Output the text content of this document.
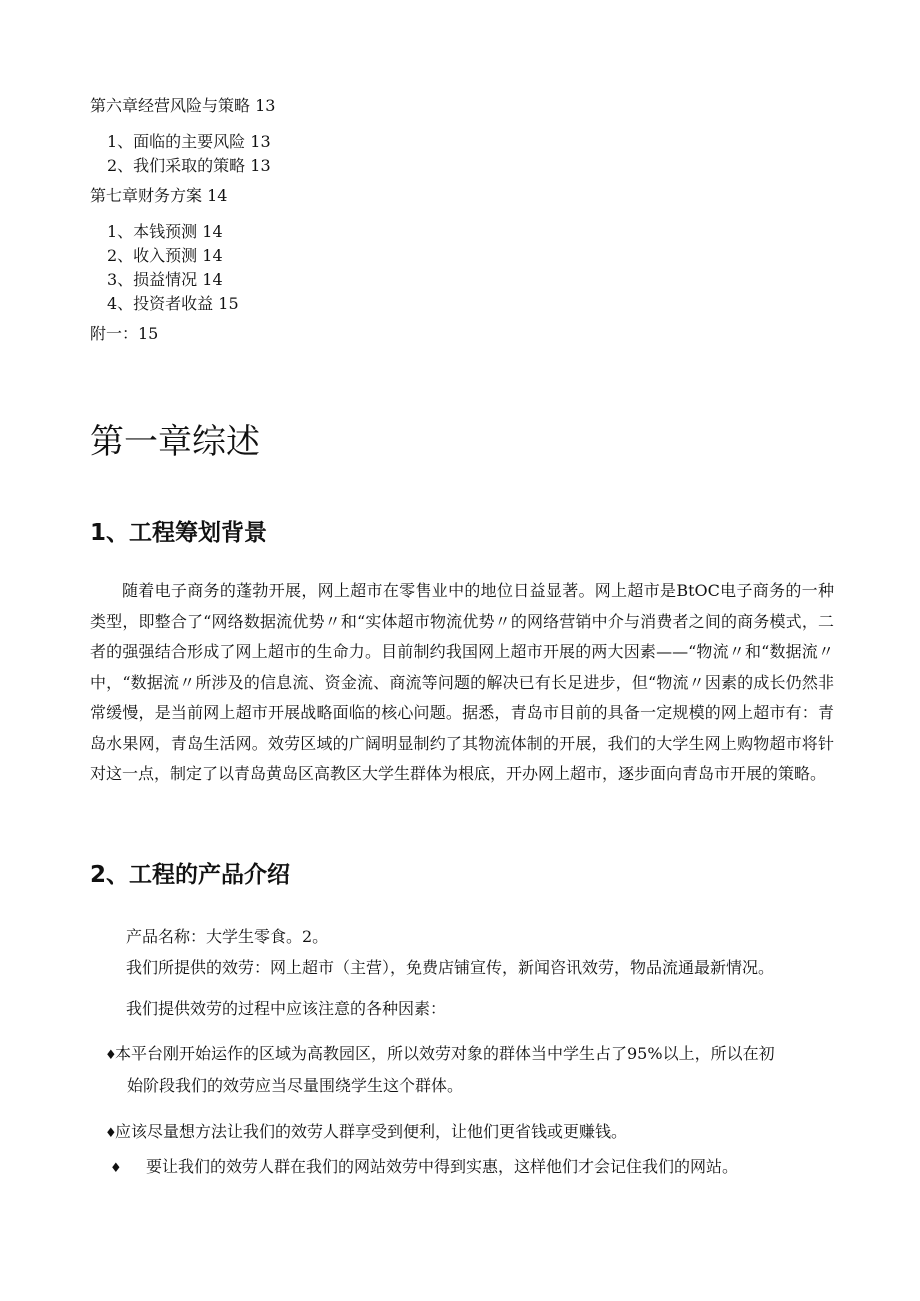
第六章经营风险与策略 13
1、面临的主要风险 13
2、我们采取的策略 13
第七章财务方案 14
1、本钱预测 14
2、收入预测 14
3、损益情况 14
4、投资者收益 15
附一：15
第一章综述
1、工程筹划背景

随着电子商务的蓬勃开展，网上超市在零售业中的地位日益显著。网上超市是BtOC电子商务的一种类型，即整合了“网络数据流优势〃和“实体超市物流优势〃的网络营销中介与消费者之间的商务模式，二者的强强结合形成了网上超市的生命力。目前制约我国网上超市开展的两大因素——“物流〃和“数据流〃中，“数据流〃所涉及的信息流、资金流、商流等问题的解决已有长足进步，但“物流〃因素的成长仍然非常缓慢，是当前网上超市开展战略面临的核心问题。据悉，青岛市目前的具备一定规模的网上超市有：青岛水果网，青岛生活网。效劳区域的广阔明显制约了其物流体制的开展，我们的大学生网上购物超市将针对这一点，制定了以青岛黄岛区高教区大学生群体为根底，开办网上超市，逐步面向青岛市开展的策略。

2、工程的产品介绍
产品名称：大学生零食。2。
我们所提供的效劳：网上超市（主营），免费店铺宣传，新闻咨讯效劳，物品流通最新情况。
我们提供效劳的过程中应该注意的各种因素：
♦本平台刚开始运作的区域为高教园区，所以效劳对象的群体当中学生占了95%以上，所以在初
始阶段我们的效劳应当尽量围绕学生这个群体。
♦应该尽量想方法让我们的效劳人群享受到便利，让他们更省钱或更赚钱。
♦ 要让我们的效劳人群在我们的网站效劳中得到实惠，这样他们才会记住我们的网站。
